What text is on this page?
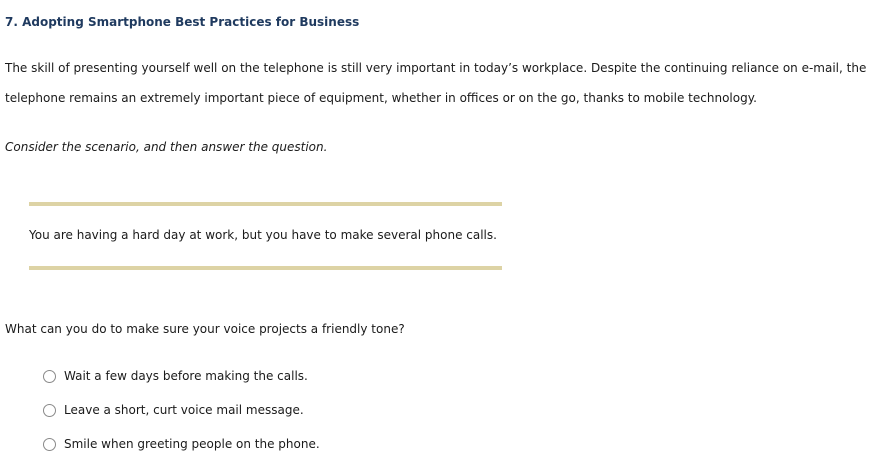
7. Adopting Smartphone Best Practices for Business

The skill of presenting yourself well on the telephone is still very important in today’s workplace. Despite the continuing reliance on e-mail, the telephone remains an extremely important piece of equipment, whether in offices or on the go, thanks to mobile technology.

Consider the scenario, and then answer the question.

You are having a hard day at work, but you have to make several phone calls.

What can you do to make sure your voice projects a friendly tone?

Wait a few days before making the calls.
Leave a short, curt voice mail message.
Smile when greeting people on the phone.
